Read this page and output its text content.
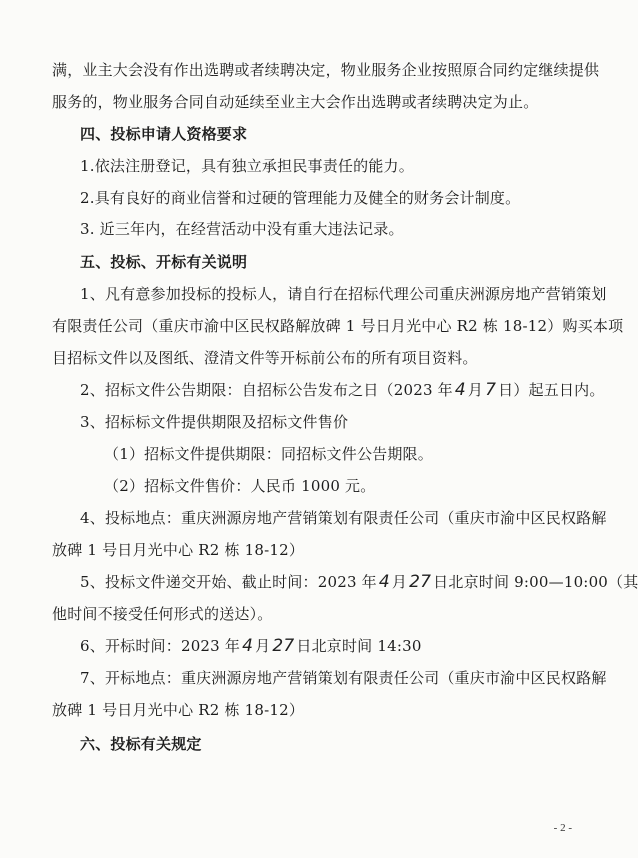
满，业主大会没有作出选聘或者续聘决定，物业服务企业按照原合同约定继续提供
服务的，物业服务合同自动延续至业主大会作出选聘或者续聘决定为止。
四、投标申请人资格要求
1.依法注册登记，具有独立承担民事责任的能力。
2.具有良好的商业信誉和过硬的管理能力及健全的财务会计制度。
3. 近三年内，在经营活动中没有重大违法记录。
五、投标、开标有关说明
1、凡有意参加投标的投标人，请自行在招标代理公司重庆洲源房地产营销策划
有限责任公司（重庆市渝中区民权路解放碑 1 号日月光中心 R2 栋 18-12）购买本项
目招标文件以及图纸、澄清文件等开标前公布的所有项目资料。
2、招标文件公告期限：自招标公告发布之日（2023 年 4 月 7 日）起五日内。
3、招标标文件提供期限及招标文件售价
（1）招标文件提供期限：同招标文件公告期限。
（2）招标文件售价：人民币 1000 元。
4、投标地点：重庆洲源房地产营销策划有限责任公司（重庆市渝中区民权路解
放碑 1 号日月光中心 R2 栋 18-12）
5、投标文件递交开始、截止时间：2023 年 4 月 27 日北京时间 9:00—10:00（其
他时间不接受任何形式的送达）。
6、开标时间：2023 年 4 月 27 日北京时间 14:30
7、开标地点：重庆洲源房地产营销策划有限责任公司（重庆市渝中区民权路解
放碑 1 号日月光中心 R2 栋 18-12）
六、投标有关规定
- 2 -
